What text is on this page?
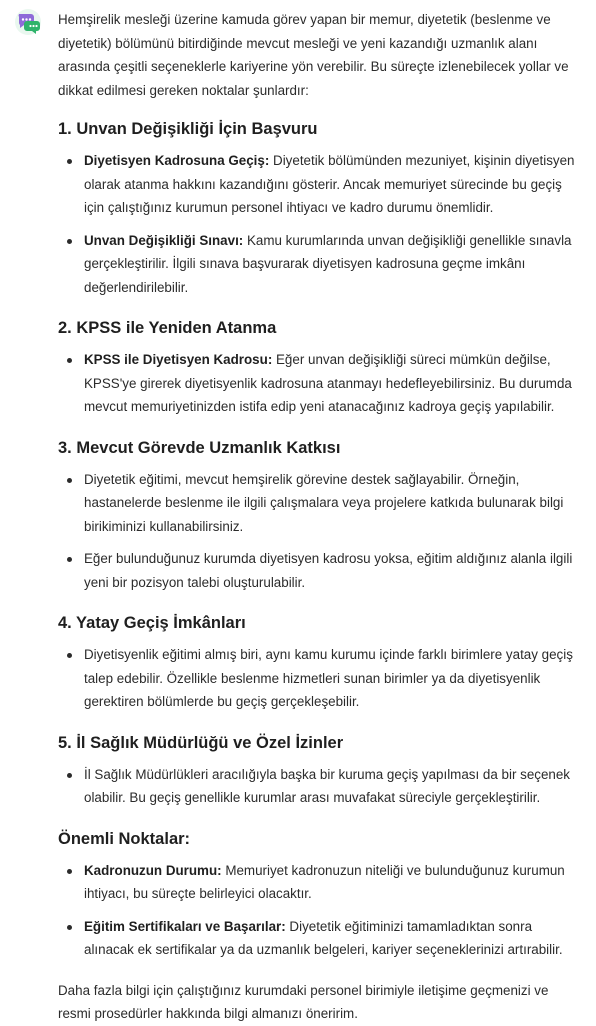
Hemşirelik mesleği üzerine kamuda görev yapan bir memur, diyetetik (beslenme ve diyetetik) bölümünü bitirdiğinde mevcut mesleği ve yeni kazandığı uzmanlık alanı arasında çeşitli seçeneklerle kariyerine yön verebilir. Bu süreçte izlenebilecek yollar ve dikkat edilmesi gereken noktalar şunlardır:

1. Unvan Değişikliği İçin Başvuru
Diyetisyen Kadrosuna Geçiş: Diyetetik bölümünden mezuniyet, kişinin diyetisyen olarak atanma hakkını kazandığını gösterir. Ancak memuriyet sürecinde bu geçiş için çalıştığınız kurumun personel ihtiyacı ve kadro durumu önemlidir.
Unvan Değişikliği Sınavı: Kamu kurumlarında unvan değişikliği genellikle sınavla gerçekleştirilir. İlgili sınava başvurarak diyetisyen kadrosuna geçme imkânı değerlendirilebilir.
2. KPSS ile Yeniden Atanma
KPSS ile Diyetisyen Kadrosu: Eğer unvan değişikliği süreci mümkün değilse, KPSS'ye girerek diyetisyenlik kadrosuna atanmayı hedefleyebilirsiniz. Bu durumda mevcut memuriyetinizden istifa edip yeni atanacağınız kadroya geçiş yapılabilir.
3. Mevcut Görevde Uzmanlık Katkısı
Diyetetik eğitimi, mevcut hemşirelik görevine destek sağlayabilir. Örneğin, hastanelerde beslenme ile ilgili çalışmalara veya projelere katkıda bulunarak bilgi birikiminizi kullanabilirsiniz.
Eğer bulunduğunuz kurumda diyetisyen kadrosu yoksa, eğitim aldığınız alanla ilgili yeni bir pozisyon talebi oluşturulabilir.
4. Yatay Geçiş İmkânları
Diyetisyenlik eğitimi almış biri, aynı kamu kurumu içinde farklı birimlere yatay geçiş talep edebilir. Özellikle beslenme hizmetleri sunan birimler ya da diyetisyenlik gerektiren bölümlerde bu geçiş gerçekleşebilir.
5. İl Sağlık Müdürlüğü ve Özel İzinler
İl Sağlık Müdürlükleri aracılığıyla başka bir kuruma geçiş yapılması da bir seçenek olabilir. Bu geçiş genellikle kurumlar arası muvafakat süreciyle gerçekleştirilir.
Önemli Noktalar:
Kadronuzun Durumu: Memuriyet kadronuzun niteliği ve bulunduğunuz kurumun ihtiyacı, bu süreçte belirleyici olacaktır.
Eğitim Sertifikaları ve Başarılar: Diyetetik eğitiminizi tamamladıktan sonra alınacak ek sertifikalar ya da uzmanlık belgeleri, kariyer seçeneklerinizi artırabilir.

Daha fazla bilgi için çalıştığınız kurumdaki personel birimiyle iletişime geçmenizi ve resmi prosedürler hakkında bilgi almanızı öneririm.
